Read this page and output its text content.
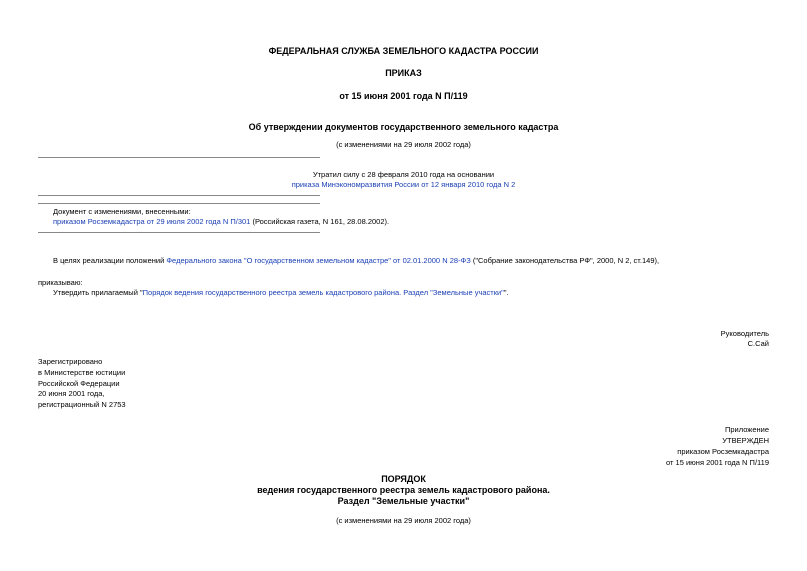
ФЕДЕРАЛЬНАЯ СЛУЖБА ЗЕМЕЛЬНОГО КАДАСТРА РОССИИ
ПРИКАЗ
от 15 июня 2001 года N П/119
Об утверждении документов государственного земельного кадастра
(с изменениями на 29 июля 2002 года)
Утратил силу с 28 февраля 2010 года на основании
приказа Минэкономразвития России от 12 января 2010 года N 2
Документ с изменениями, внесенными:
приказом Росземкадастра от 29 июля 2002 года N П/301 (Российская газета, N 161, 28.08.2002).
В целях реализации положений Федерального закона "О государственном земельном кадастре" от 02.01.2000 N 28-ФЗ ("Собрание законодательства РФ", 2000, N 2, ст.149),
приказываю:
Утвердить прилагаемый "Порядок ведения государственного реестра земель кадастрового района. Раздел "Земельные участки"".
Руководитель
С.Сай
Зарегистрировано
в Министерстве юстиции
Российской Федерации
20 июня 2001 года,
регистрационный N 2753
Приложение
УТВЕРЖДЕН
приказом Росземкадастра
от 15 июня 2001 года N П/119
ПОРЯДОК
ведения государственного реестра земель кадастрового района.
Раздел "Земельные участки"
(с изменениями на 29 июля 2002 года)
